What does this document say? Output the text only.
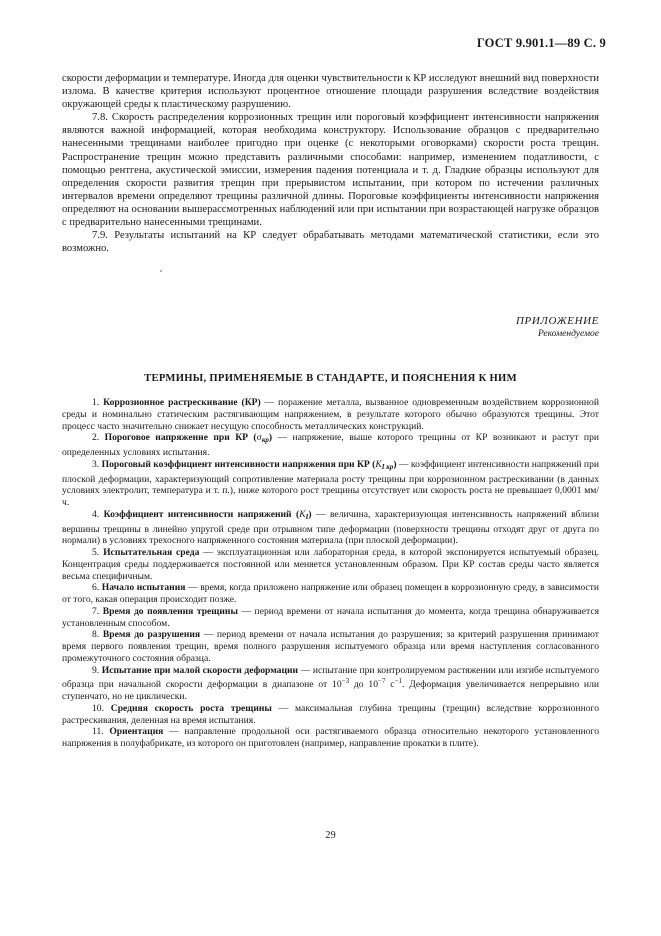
ГОСТ 9.901.1—89 С. 9

скорости деформации и температуре. Иногда для оценки чувствительности к КР исследуют внешний вид поверхности излома. В качестве критерия используют процентное отношение площади разрушения вследствие воздействия окружающей среды к пластическому разрушению.

7.8. Скорость распределения коррозионных трещин или пороговый коэффициент интенсивности напряжения являются важной информацией, которая необходима конструктору. Использование образцов с предварительно нанесенными трещинами наиболее пригодно при оценке (с некоторыми оговорками) скорости роста трещин. Распространение трещин можно представить различными способами: например, изменением податливости, с помощью рентгена, акустической эмиссии, измерения падения потенциала и т. д. Гладкие образцы используют для определения скорости развития трещин при прерывистом испытании, при котором по истечении различных интервалов времени определяют трещины различной длины. Пороговые коэффициенты интенсивности напряжения определяют на основании вышерассмотренных наблюдений или при испытании при возрастающей нагрузке образцов с предварительно нанесенными трещинами.

7.9. Результаты испытаний на КР следует обрабатывать методами математической статистики, если это возможно.

ПРИЛОЖЕНИЕ
Рекомендуемое
ТЕРМИНЫ, ПРИМЕНЯЕМЫЕ В СТАНДАРТЕ, И ПОЯСНЕНИЯ К НИМ

1. Коррозионное растрескивание (КР) — поражение металла, вызванное одновременным воздействием коррозионной среды и номинально статическим растягивающим напряжением, в результате которого обычно образуются трещины. Этот процесс часто значительно снижает несущую способность металлических конструкций.

2. Пороговое напряжение при КР $(\sigma_{кр})$ — напряжение, выше которого трещины от КР возникают и растут при определенных условиях испытания.

3. Пороговый коэффициент интенсивности напряжения при КР $(K_{I кр})$ — коэффициент интенсивности напряжений при плоской деформации, характеризующий сопротивление материала росту трещины при коррозионном растрескивании (в данных условиях электролит, температура и т. п.), ниже которого рост трещины отсутствует или скорость роста не превышает 0,0001 мм/ч.

4. Коэффициент интенсивности напряжений $(K_I)$ — величина, характеризующая интенсивность напряжений вблизи вершины трещины в линейно упругой среде при отрывном типе деформации (поверхности трещины отходят друг от друга по нормали) в условиях трехосного напряженного состояния материала (при плоской деформации).

5. Испытательная среда — эксплуатационная или лабораторная среда, в которой экспонируется испытуемый образец. Концентрация среды поддерживается постоянной или меняется установленным образом. При КР состав среды часто является весьма специфичным.

6. Начало испытания — время, когда приложено напряжение или образец помещен в коррозионную среду, в зависимости от того, какая операция происходит позже.

7. Время до появления трещины — период времени от начала испытания до момента, когда трещина обнаруживается установленным способом.

8. Время до разрушения — период времени от начала испытания до разрушения; за критерий разрушения принимают время первого появления трещин, время полного разрушения испытуемого образца или время наступления согласованного промежуточного состояния образца.

9. Испытание при малой скорости деформации — испытание при контролируемом растяжении или изгибе испытуемого образца при начальной скорости деформации в диапазоне от $10^{-3}$ до $10^{-7}$ $с^{-1}$. Деформация увеличивается непрерывно или ступенчато, но не циклически.

10. Средняя скорость роста трещины — максимальная глубина трещины (трещин) вследствие коррозионного растрескивания, деленная на время испытания.

11. Ориентация — направление продольной оси растягиваемого образца относительно некоторого установленного напряжения в полуфабрикате, из которого он приготовлен (например, направление прокатки в плите).

29
